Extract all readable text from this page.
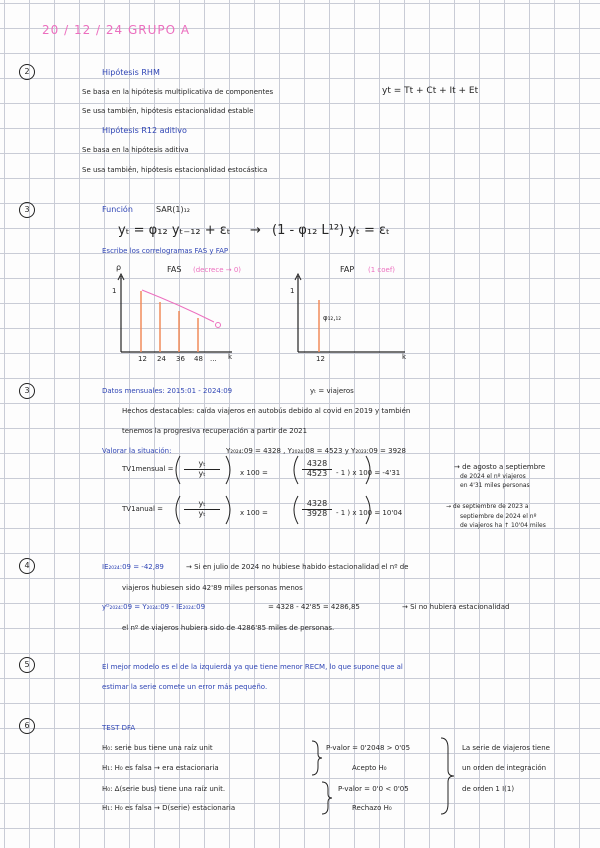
20 / 12 / 24 GRUPO A
2	Hipótesis RHM
Se basa en la hipótesis multiplicativa de componentes	yt = Tt + Ct + It + Et
Se usa también, hipótesis estacionalidad estable
Hipótesis R12 aditivo
Se basa en la hipótesis aditiva
Se usa también, hipótesis estacionalidad estocástica
3	Función	SAR(1)₁₂
yₜ = φ₁₂ yₜ₋₁₂ + εₜ → (1 - φ₁₂ L¹²) yₜ = εₜ
Escribe los correlogramas FAS y FAP
ρ	FAS (decrece → 0)	FAP (1 coef)
1	1
φ₁₂,₁₂
12 24 36 48 ... k	12	k
3	Datos mensuales: 2015:01 - 2024:09	yₜ = viajeros
Hechos destacables: caída viajeros en autobús debido al covid en 2019 y también
tenemos la progresiva recuperación a partir de 2021
Valorar la situación:	Y₂₀₂₄:09 = 4328 , Y₂₀₂₄:08 = 4523 y Y₂₀₂₃:09 = 3928
TV1mensual = $\frac{\text{yₜ}}{\text{yₜ}}$	x 100 =	$\frac{4328}{4523} - 1$ ) x 100 = -4'31
→ de agosto a septiembre
de 2024 el nº viajeros
en 4'31 miles personas
TV1anual =	$\frac{\text{yₜ}}{\text{yₜ}}$	x 100 =	$\frac{4328}{3928} - 1$ ) x 100 = 10'04
→ de septiembre de 2023 a
septiembre de 2024 el nº
de viajeros ha ↑ 10'04 miles
4	IE₂₀₂₄:09 = -42,89	→ Si en julio de 2024 no hubiese habido estacionalidad el nº de
viajeros hubiesen sido 42'89 miles personas menos
yᴰ₂₀₂₄:09 = Y₂₀₂₄:09 - IE₂₀₂₄:09	= 4328 - 42'85 = 4286,85	→ Si no hubiera estacionalidad
el nº de viajeros hubiera sido de 4286'85 miles de personas.
5	El mejor modelo es el de la izquierda ya que tiene menor RECM, lo que supone que al
estimar la serie comete un error más pequeño.
6	TEST DFA
H₀: serie bus tiene una raíz unit
H₁: H₀ es falsa → era estacionaria
H₀: Δ(serie bus) tiene una raíz unit.
H₁: H₀ es falsa → D(serie) estacionaria
P-valor = 0'2048 > 0'05
Acepto H₀
P-valor = 0'0 < 0'05
Rechazo H₀
La serie de viajeros tiene
un orden de integración
de orden 1 I(1)
